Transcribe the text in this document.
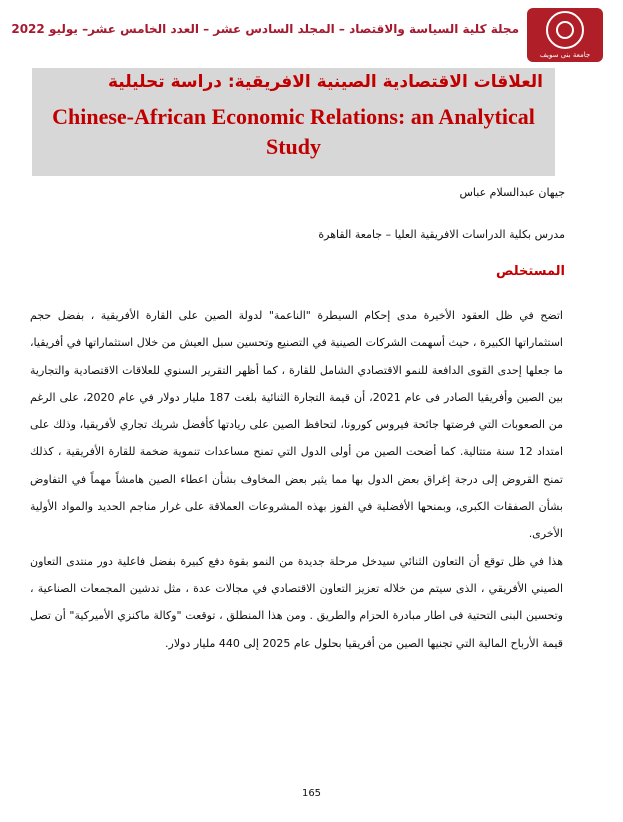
جامعة بنى سويف
مجلة كلية السياسة والاقتصاد – المجلد السادس عشر – العدد الخامس عشر– يوليو 2022
العلاقات الاقتصادية الصينية الافريقية: دراسة تحليلية
Chinese-African Economic Relations: an Analytical Study
جيهان عبدالسلام عباس
مدرس بكلية الدراسات الافريقية العليا – جامعة القاهرة
المستخلص

اتضح في ظل العقود الأخيرة مدى إحكام السيطرة "الناعمة" لدولة الصين على القارة الأفريقية ، بفضل حجم استثماراتها الكبيرة ، حيث أسهمت الشركات الصينية في التصنيع وتحسين سبل العيش من خلال استثماراتها في أفريقيا، ما جعلها إحدى القوى الدافعة للنمو الاقتصادي الشامل للقارة ، كما أظهر التقرير السنوي للعلاقات الاقتصادية والتجارية بين الصين وأفريقيا الصادر فى عام 2021، أن قيمة التجارة الثنائية بلغت 187 مليار دولار في عام 2020، على الرغم من الصعوبات التي فرضتها جائحة فيروس كورونا، لتحافظ الصين على ريادتها كأفضل شريك تجاري لأفريقيا، وذلك على امتداد 12 سنة متتالية. كما أضحت الصين من أولى الدول التي تمنح مساعدات تنموية ضخمة للقارة الأفريقية ، كذلك تمنح القروض إلى درجة إغراق بعض الدول بها مما يثير بعض المخاوف بشأن اعطاء الصين هامشاً مهماً في التفاوض بشأن الصفقات الكبرى، وبمنحها الأفضلية في الفوز بهذه المشروعات العملاقة على غرار مناجم الحديد والمواد الأولية الأخرى.

هذا في ظل توقع أن التعاون الثنائي سيدخل مرحلة جديدة من النمو بقوة دفع كبيرة بفضل فاعلية دور منتدى التعاون الصيني الأفريقي ، الذى سيتم من خلاله تعزيز التعاون الاقتصادي في مجالات عدة ، مثل تدشين المجمعات الصناعية ، وتحسين البنى التحتية فى اطار مبادرة الحزام والطريق . ومن هذا المنطلق ، توقعت "وكالة ماكنزي الأميركية" أن تصل قيمة الأرباح المالية التي تجنيها الصين من أفريقيا بحلول عام 2025 إلى 440 مليار دولار.

165
